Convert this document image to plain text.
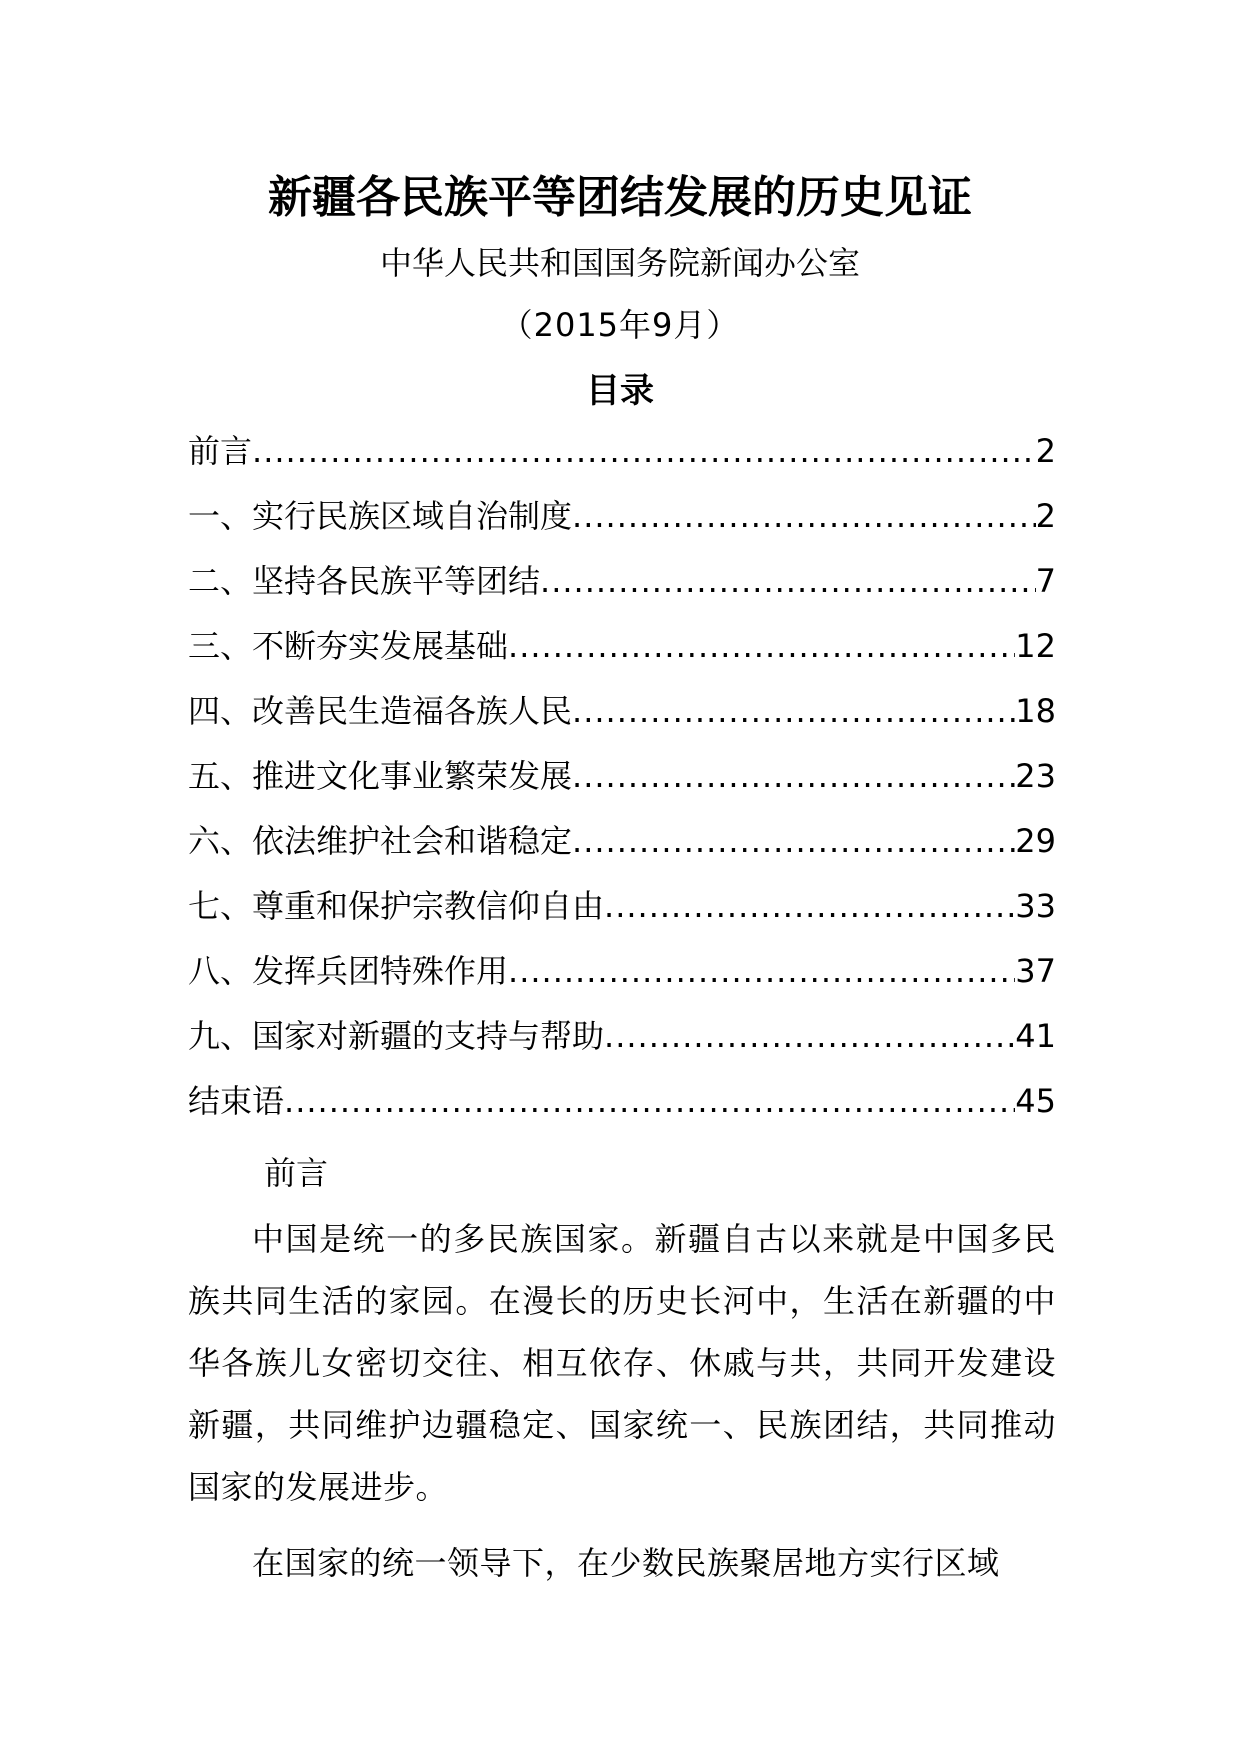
新疆各民族平等团结发展的历史见证
中华人民共和国国务院新闻办公室
（2015年9月）
目录
前言 .....	2
一、实行民族区域自治制度 .....	2
二、坚持各民族平等团结 .....	7
三、不断夯实发展基础 .....	12
四、改善民生造福各族人民 .....	18
五、推进文化事业繁荣发展 .....	23
六、依法维护社会和谐稳定 .....	29
七、尊重和保护宗教信仰自由 .....	33
八、发挥兵团特殊作用 .....	37
九、国家对新疆的支持与帮助 .....	41
结束语 .....	45
前言

中国是统一的多民族国家。新疆自古以来就是中国多民族共同生活的家园。在漫长的历史长河中，生活在新疆的中华各族儿女密切交往、相互依存、休戚与共，共同开发建设新疆，共同维护边疆稳定、国家统一、民族团结，共同推动国家的发展进步。

在国家的统一领导下，在少数民族聚居地方实行区域
